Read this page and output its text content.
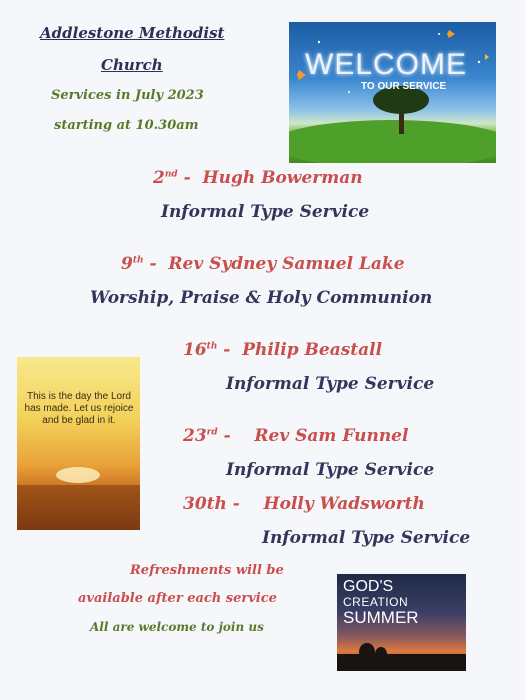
Addlestone Methodist
Church
Services in July 2023
starting at 10.30am
WELCOME
TO OUR SERVICE
2nd - Hugh Bowerman
Informal Type Service
9th - Rev Sydney Samuel Lake
Worship, Praise & Holy Communion
16th - Philip Beastall
Informal Type Service
This is the day the Lord has made. Let us rejoice and be glad in it.
23rd - Rev Sam Funnel
Informal Type Service
30th - Holly Wadsworth
Informal Type Service
Refreshments will be
available after each service
All are welcome to join us
GOD'S
CREATION
SUMMER
